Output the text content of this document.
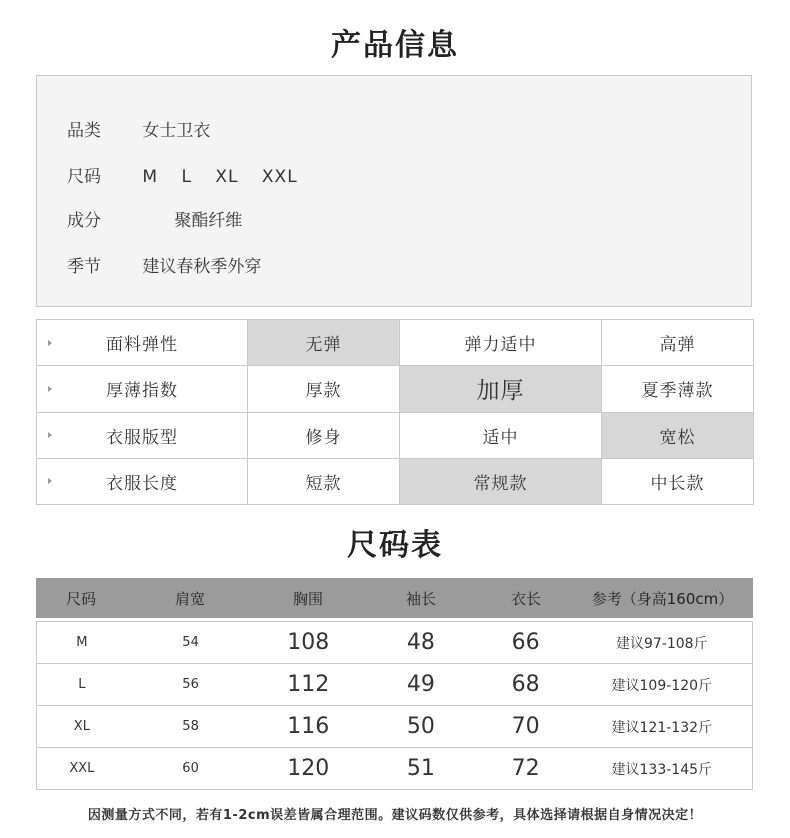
产品信息
品类 女士卫衣
尺码 M L XL XXL
成分	聚酯纤维
季节 建议春秋季外穿
面料弹性	无弹	弹力适中	高弹

厚薄指数	厚款	加厚	夏季薄款

衣服版型	修身	适中	宽松

衣服长度	短款	常规款	中长款
尺码表
尺码	肩宽	胸围	袖长	衣长	参考（身高160cm）
M	54	108	48	66	建议97-108斤
L	56	112	49	68	建议109-120斤
XL	58	116	50	70	建议121-132斤
XXL	60	120	51	72	建议133-145斤
因测量方式不同，若有1-2cm误差皆属合理范围。建议码数仅供参考，具体选择请根据自身情况决定！
